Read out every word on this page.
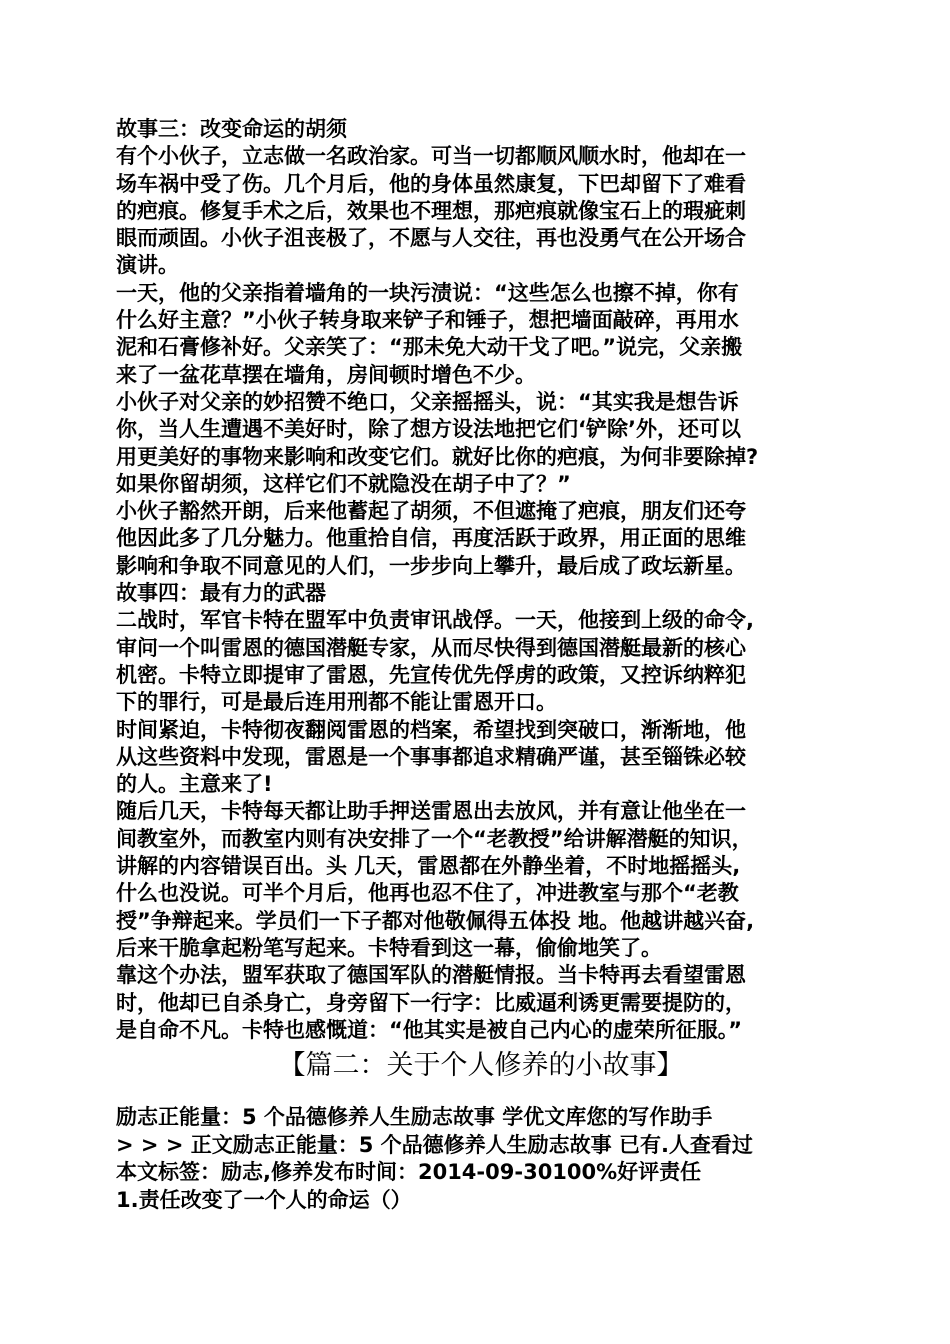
故事三：改变命运的胡须
有个小伙子，立志做一名政治家。可当一切都顺风顺水时，他却在一
场车祸中受了伤。几个月后，他的身体虽然康复，下巴却留下了难看
的疤痕。修复手术之后，效果也不理想，那疤痕就像宝石上的瑕疵刺
眼而顽固。小伙子沮丧极了，不愿与人交往，再也没勇气在公开场合
演讲。
一天，他的父亲指着墙角的一块污渍说：“这些怎么也擦不掉，你有
什么好主意？”小伙子转身取来铲子和锤子，想把墙面敲碎，再用水
泥和石膏修补好。父亲笑了：“那未免大动干戈了吧。”说完，父亲搬
来了一盆花草摆在墙角，房间顿时增色不少。
小伙子对父亲的妙招赞不绝口，父亲摇摇头，说：“其实我是想告诉
你，当人生遭遇不美好时，除了想方设法地把它们‘铲除’外，还可以
用更美好的事物来影响和改变它们。就好比你的疤痕，为何非要除掉?
如果你留胡须，这样它们不就隐没在胡子中了？”
小伙子豁然开朗，后来他蓄起了胡须，不但遮掩了疤痕，朋友们还夸
他因此多了几分魅力。他重拾自信，再度活跃于政界，用正面的思维
影响和争取不同意见的人们，一步步向上攀升，最后成了政坛新星。
故事四：最有力的武器
二战时，军官卡特在盟军中负责审讯战俘。一天，他接到上级的命令,
审问一个叫雷恩的德国潜艇专家，从而尽快得到德国潜艇最新的核心
机密。卡特立即提审了雷恩，先宣传优先俘虏的政策，又控诉纳粹犯
下的罪行，可是最后连用刑都不能让雷恩开口。
时间紧迫，卡特彻夜翻阅雷恩的档案，希望找到突破口，渐渐地，他
从这些资料中发现，雷恩是一个事事都追求精确严谨，甚至锱铢必较
的人。主意来了!
随后几天，卡特每天都让助手押送雷恩出去放风，并有意让他坐在一
间教室外，而教室内则有决安排了一个“老教授”给讲解潜艇的知识，
讲解的内容错误百出。头 几天，雷恩都在外静坐着，不时地摇摇头,
什么也没说。可半个月后，他再也忍不住了，冲进教室与那个“老教
授”争辩起来。学员们一下子都对他敬佩得五体投 地。他越讲越兴奋,
后来干脆拿起粉笔写起来。卡特看到这一幕，偷偷地笑了。
靠这个办法，盟军获取了德国军队的潜艇情报。当卡特再去看望雷恩
时，他却已自杀身亡，身旁留下一行字：比威逼利诱更需要提防的，
是自命不凡。卡特也感慨道：“他其实是被自己内心的虚荣所征服。”
【篇二：关于个人修养的小故事】
励志正能量：5 个品德修养人生励志故事 学优文库您的写作助手
> > > 正文励志正能量：5 个品德修养人生励志故事 已有.人查看过
本文标签：励志,修养发布时间：2014-09-30100%好评责任
1.责任改变了一个人的命运（）
